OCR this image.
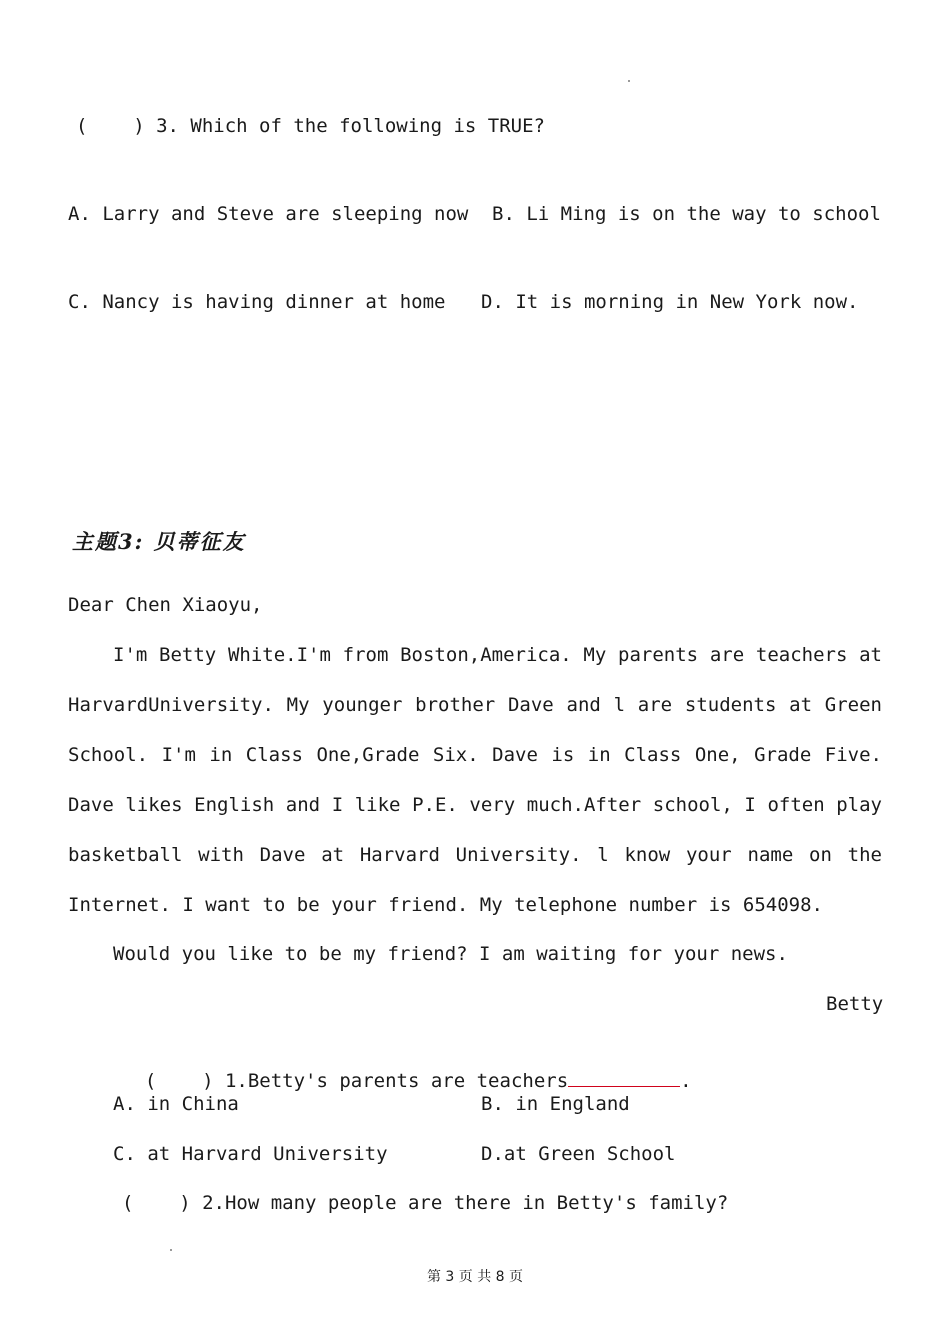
(    ) 3. Which of the following is TRUE?
A. Larry and Steve are sleeping now B. Li Ming is on the way to school
C. Nancy is having dinner at home D. It is morning in New York now.
主题3: 贝蒂征友
Dear Chen Xiaoyu,
I'm Betty White.I'm from Boston,America. My parents are teachers at
HarvardUniversity. My younger brother Dave and l are students at Green
School. I'm in Class One,Grade Six. Dave is in Class One, Grade Five.
Dave likes English and I like P.E. very much.After school, I often play
basketball with Dave at Harvard University. l know your name on the
Internet. I want to be your friend. My telephone number is 654098.
Would you like to be my friend? I am waiting for your news.
Betty

(    ) 1.Betty's parents are teachers	.

A. in China	B. in England
C. at Harvard University	D.at Green School
(    ) 2.How many people are there in Betty's family?
第 3 页 共 8 页
